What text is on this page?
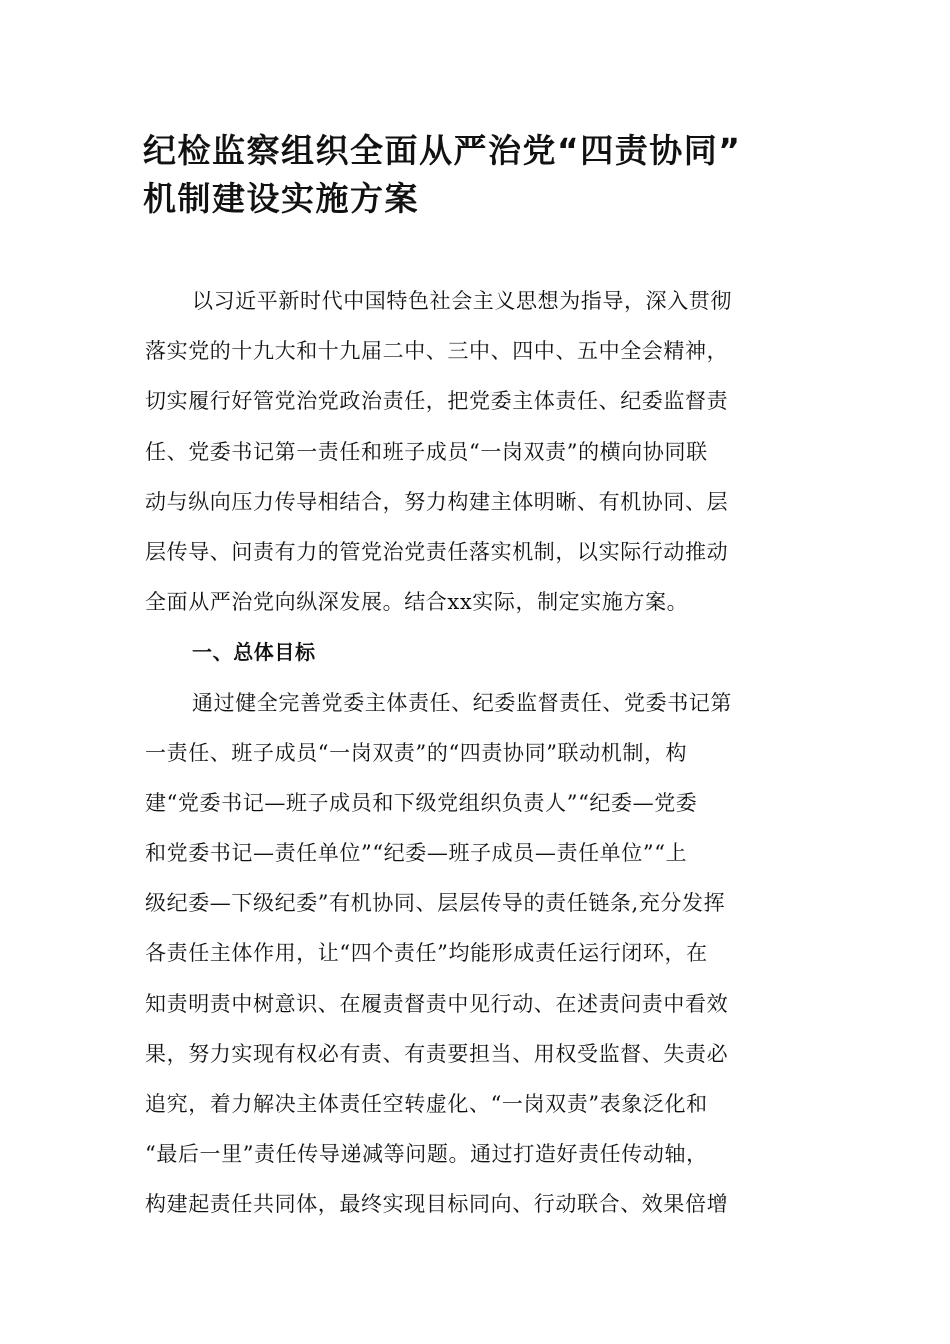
纪检监察组织全面从严治党“四责协同”
机制建设实施方案
以习近平新时代中国特色社会主义思想为指导，深入贯彻
落实党的十九大和十九届二中、三中、四中、五中全会精神，
切实履行好管党治党政治责任，把党委主体责任、纪委监督责
任、党委书记第一责任和班子成员“一岗双责”的横向协同联
动与纵向压力传导相结合，努力构建主体明晰、有机协同、层
层传导、问责有力的管党治党责任落实机制，以实际行动推动
全面从严治党向纵深发展。结合xx实际，制定实施方案。
一、总体目标
通过健全完善党委主体责任、纪委监督责任、党委书记第
一责任、班子成员“一岗双责”的“四责协同”联动机制，构
建“党委书记—班子成员和下级党组织负责人”“纪委—党委
和党委书记—责任单位”“纪委—班子成员—责任单位”“上
级纪委—下级纪委”有机协同、层层传导的责任链条,充分发挥
各责任主体作用，让“四个责任”均能形成责任运行闭环，在
知责明责中树意识、在履责督责中见行动、在述责问责中看效
果，努力实现有权必有责、有责要担当、用权受监督、失责必
追究，着力解决主体责任空转虚化、“一岗双责”表象泛化和
“最后一里”责任传导递减等问题。通过打造好责任传动轴，
构建起责任共同体，最终实现目标同向、行动联合、效果倍增
